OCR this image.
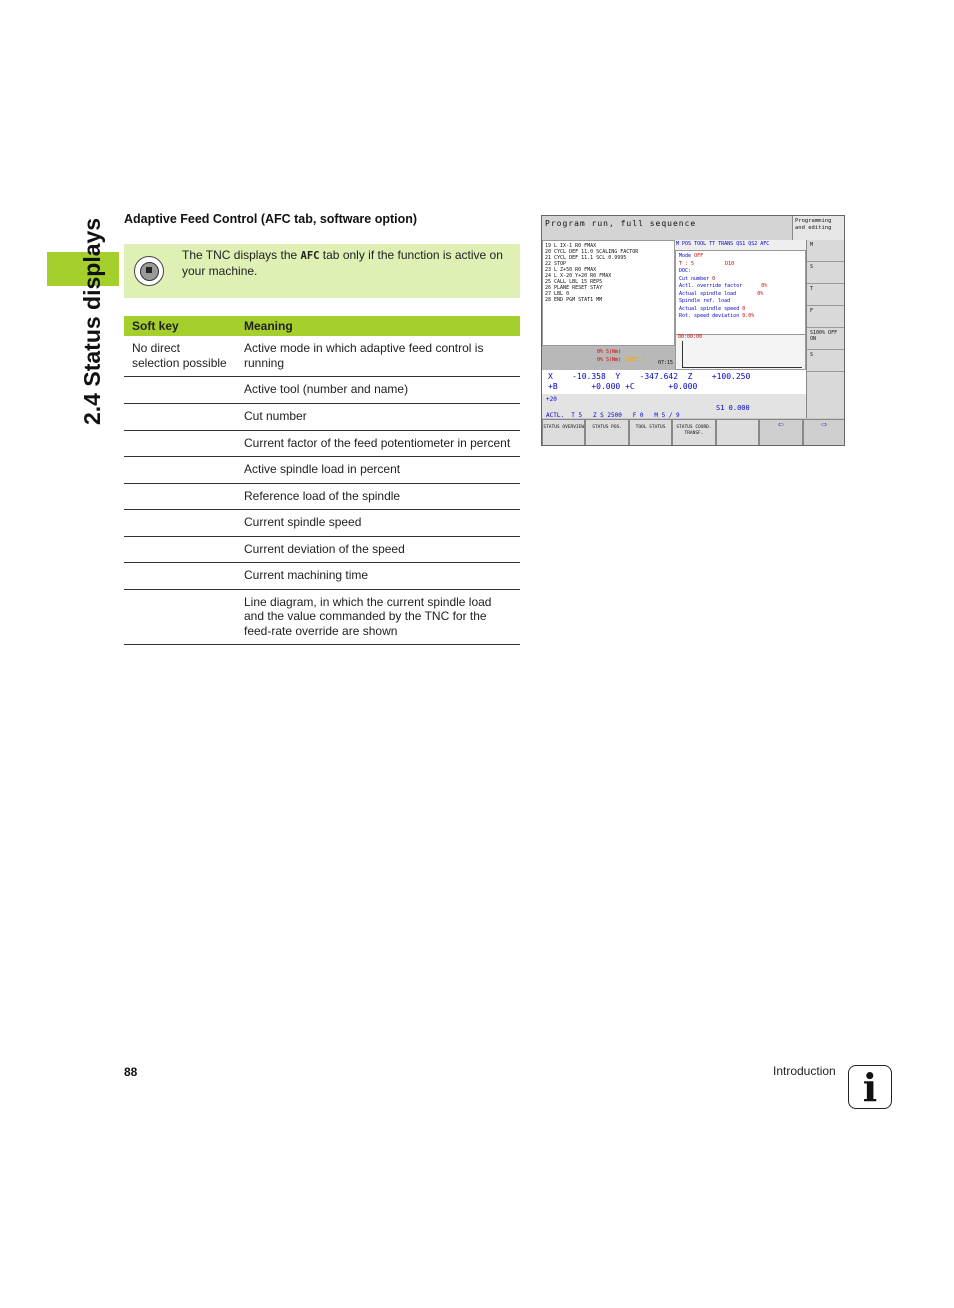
2.4 Status displays	Adaptive Feed Control (AFC tab, software option)
The TNC displays the AFC tab only if the function is active on your machine.
Soft key	Meaning
No direct selection possible	Active mode in which adaptive feed control is running
	Active tool (number and name)
	Cut number
	Current factor of the feed potentiometer in percent
	Active spindle load in percent
	Reference load of the spindle
	Current spindle speed
	Current deviation of the speed
	Current machining time
	Line diagram, in which the current spindle load and the value commanded by the TNC for the feed-rate override are shown
Program run, full sequence	Programming and editing
19 L IX-1 R0 FMAX
20 CYCL DEF 11.0 SCALING FACTOR
21 CYCL DEF 11.1 SCL 0.9995
22 STOP
23 L Z+50 R0 FMAX
24 L X-20 Y+20 R0 FMAX
25 CALL LBL 15 REP5
26 PLANE RESET STAY
27 LBL 0
28 END PGM STAT1 MM
0% S(Nm)
0% S(Nm) LIMIT 1	07:15
M POS TOOL TT TRANS QS1 QS2 AFC
Mode OFF
T : 5	D10
DOC:
Cut number 0
Actl. override factor	0%
Actual spindle load	0%
Spindle ref. load
Actual spindle speed 0
Rot. speed deviation 0.0%
00:00:00
X    -10.358  Y    -347.642  Z    +100.250
+B       +0.000 +C       +0.000
+20
S1 0.000
ACTL.  T 5   Z S 2500   F 0   M 5 / 9
M
S
T
F
S100% OFF ON
S
STATUS OVERVIEW	STATUS POS.	TOOL STATUS	STATUS COORD. TRANSF.
⇦	⇨
88	Introduction i
